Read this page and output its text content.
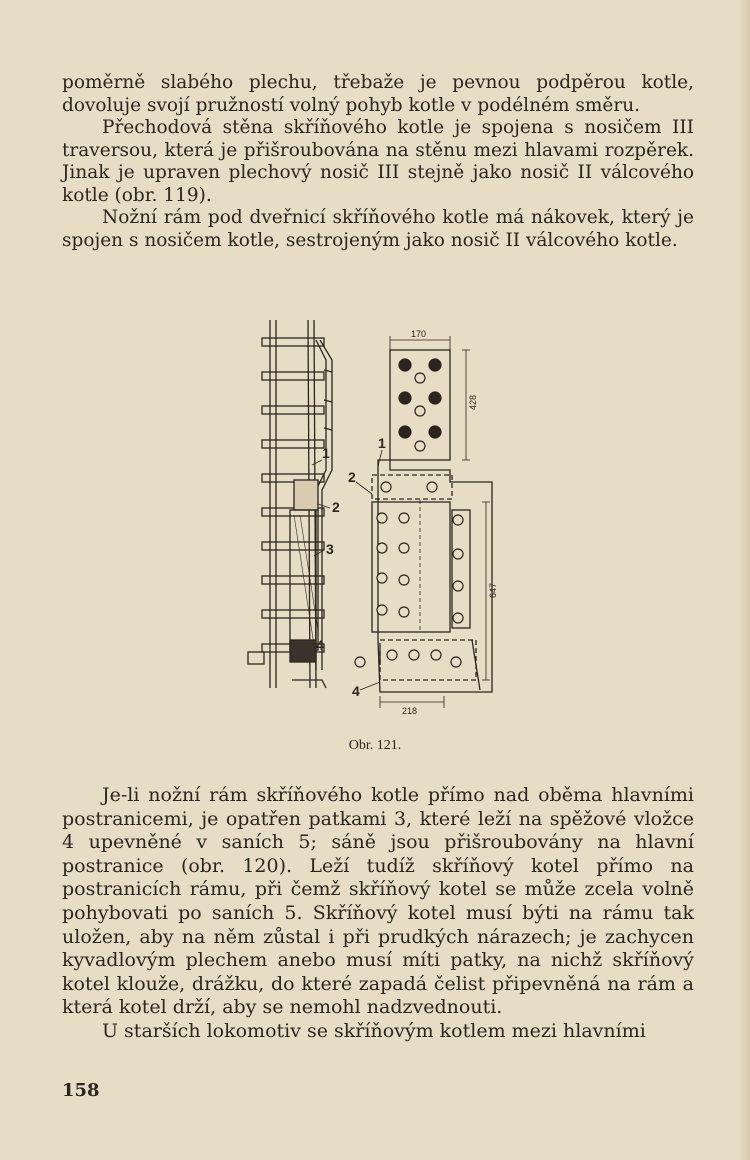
poměrně slabého plechu, třebaže je pevnou podpěrou kotle, dovoluje svojí pružností volný pohyb kotle v podélném směru.

Přechodová stěna skříňového kotle je spojena s nosičem III traversou, která je přišroubována na stěnu mezi hlavami rozpěrek. Jinak je upraven plechový nosič III stejně jako nosič II válcového kotle (obr. 119).

Nožní rám pod dveřnicí skříňového kotle má nákovek, který je spojen s nosičem kotle, sestrojeným jako nosič II válcového kotle.

1
2
3
4
170
428
647
218
1
2
4
Obr. 121.

Je-li nožní rám skříňového kotle přímo nad oběma hlavními postranicemi, je opatřen patkami 3, které leží na spěžové vložce 4 upevněné v saních 5; sáně jsou přišroubovány na hlavní postranice (obr. 120). Leží tudíž skříňový kotel přímo na postranicích rámu, při čemž skříňový kotel se může zcela volně pohybovati po saních 5. Skříňový kotel musí býti na rámu tak uložen, aby na něm zůstal i při prudkých nárazech; je zachycen kyvadlovým plechem anebo musí míti patky, na nichž skříňový kotel klouže, drážku, do které zapadá čelist připevněná na rám a která kotel drží, aby se nemohl nadzvednouti.

U starších lokomotiv se skříňovým kotlem mezi hlavními

158
